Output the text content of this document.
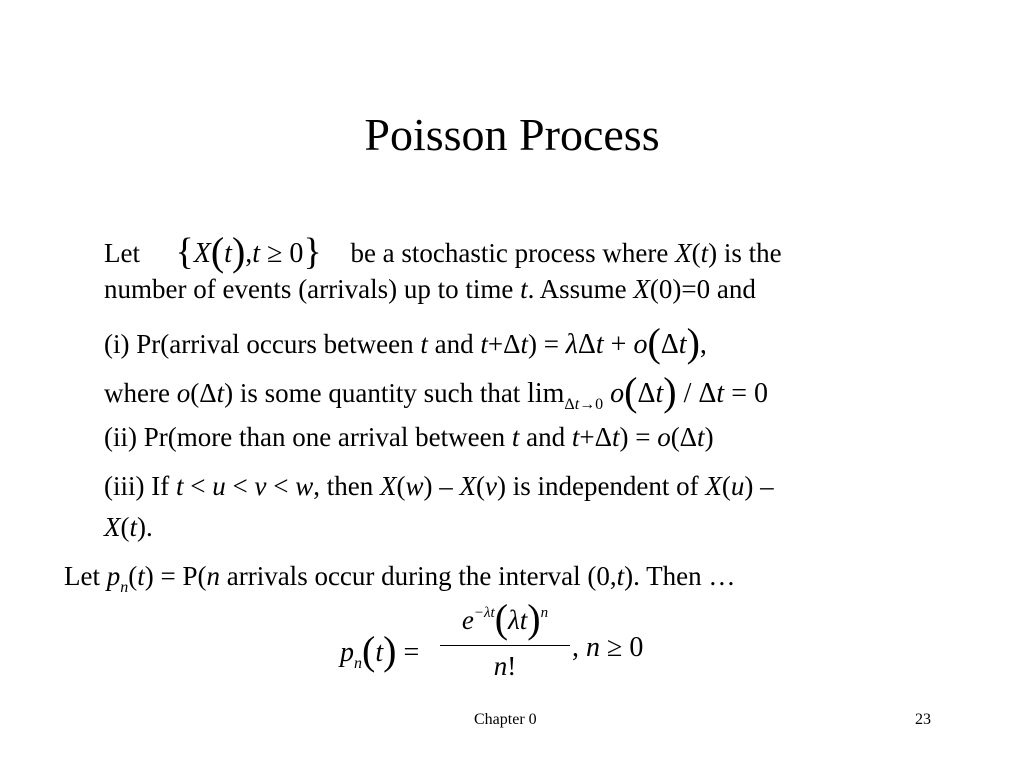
Poisson Process
Let {X(t),t ≥ 0} be a stochastic process where X(t) is the
number of events (arrivals) up to time t. Assume X(0)=0 and
(i) Pr(arrival occurs between t and t+Δt) = λΔt + o(Δt),
where o(Δt) is some quantity such that $\lim_{\Delta t\to 0} o(\Delta t) / \Delta t = 0$
(ii) Pr(more than one arrival between t and t+Δt) = o(Δt)
(iii) If t < u < v < w, then X(w) – X(v) is independent of X(u) –
X(t).
Let $p_n(t) = P(n$ arrivals occur during the interval (0,t). Then …
$p_n(t)$ =
$e^{-\lambda t}(\lambda t)^n$
n!
, n ≥ 0
Chapter 0	23
